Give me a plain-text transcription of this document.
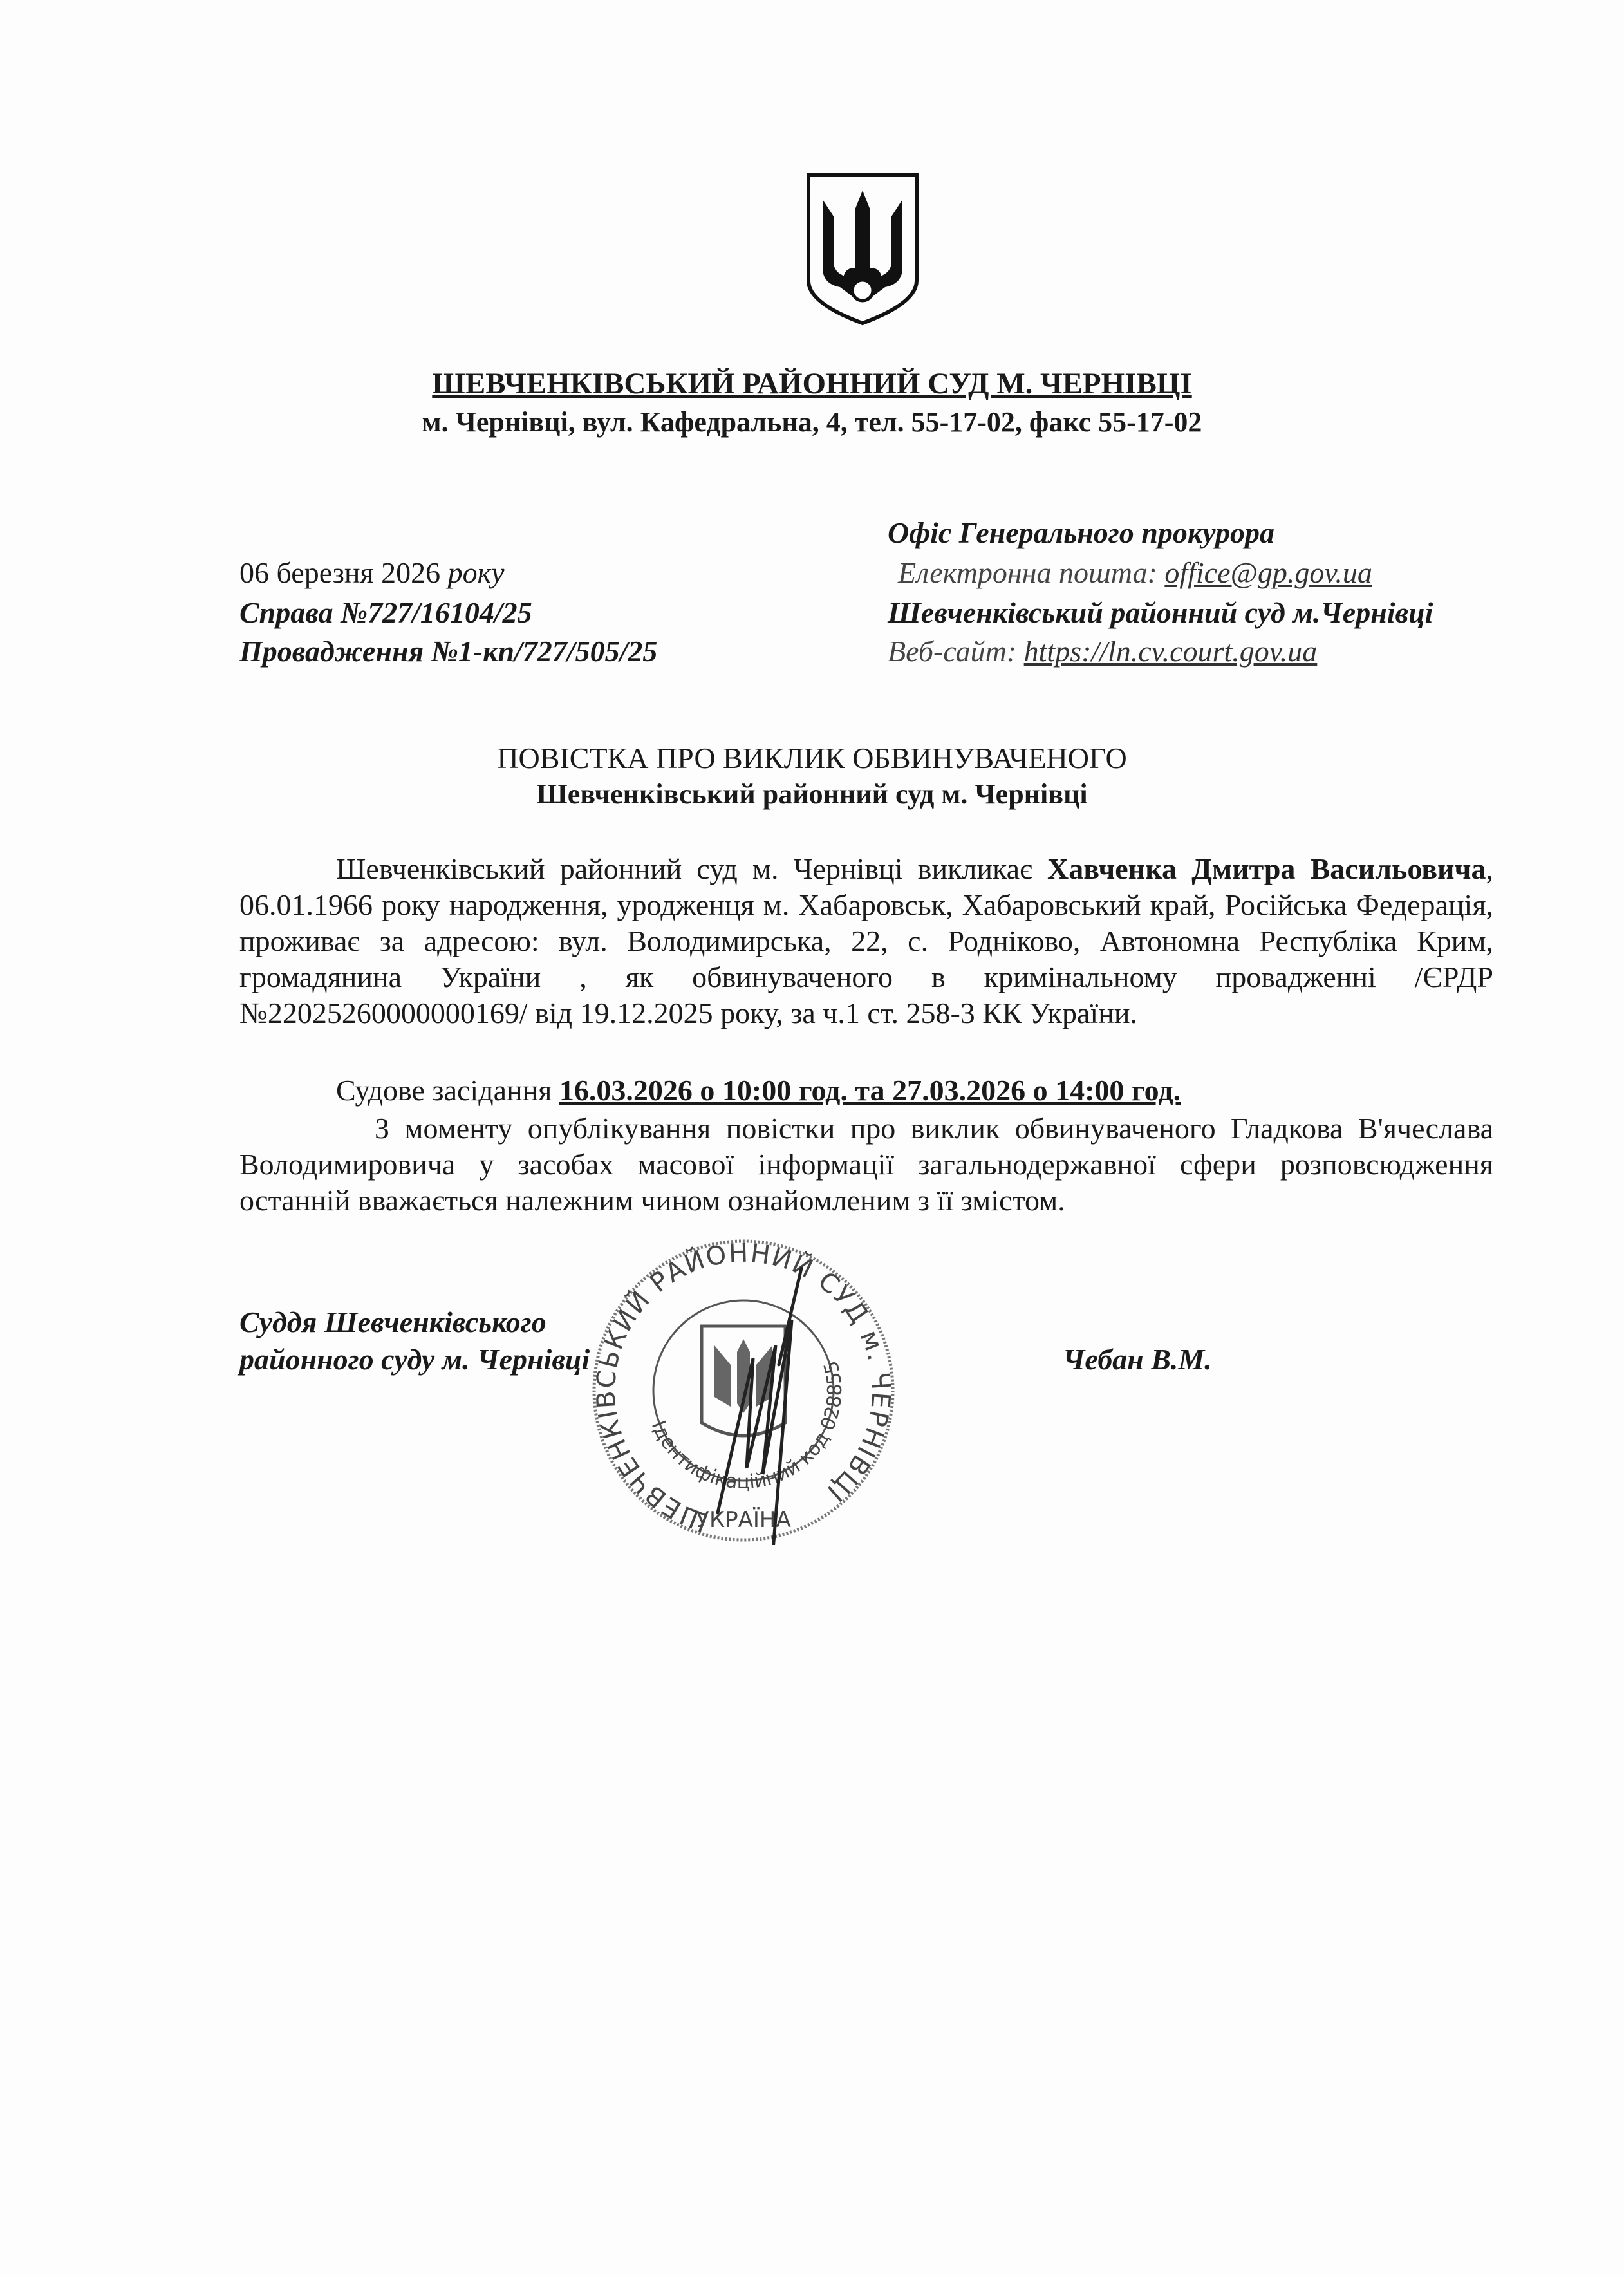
ШЕВЧЕНКІВСЬКИЙ РАЙОННИЙ СУД М. ЧЕРНІВЦІ
м. Чернівці, вул. Кафедральна, 4, тел. 55-17-02, факс 55-17-02
Офіс Генерального прокурора
Електронна пошта: office@gp.gov.ua
Шевченківський районний суд м.Чернівці
Веб-сайт: https://ln.cv.court.gov.ua
06 березня 2026 року
Справа №727/16104/25
Провадження №1-кп/727/505/25
ПОВІСТКА ПРО ВИКЛИК ОБВИНУВАЧЕНОГО
Шевченківський районний суд м. Чернівці
Шевченківський районний суд м. Чернівці викликає Хавченка Дмитра Васильовича, 06.01.1966 року народження, уродженця м. Хабаровськ, Хабаровський край, Російська Федерація, проживає за адресою: вул. Володимирська, 22, с. Родніково, Автономна Республіка Крим, громадянина України , як обвинуваченого в кримінальному провадженні /ЄРДР №22025260000000169/ від 19.12.2025 року, за ч.1 ст. 258-3 КК України.
Судове засідання 16.03.2026 о 10:00 год. та 27.03.2026 о 14:00 год.
З моменту опублікування повістки про виклик обвинуваченого Гладкова В'ячеслава Володимировича у засобах масової інформації загальнодержавної сфери розповсюдження останній вважається належним чином ознайомленим з її змістом.
Суддя Шевченківського
районного суду м. Чернівці	Чебан В.М.
ШЕВЧЕНКІВСЬКИЙ РАЙОННИЙ СУД м. ЧЕРНІВЦІ
Ідентифікаційний код 028855
УКРАЇНА
